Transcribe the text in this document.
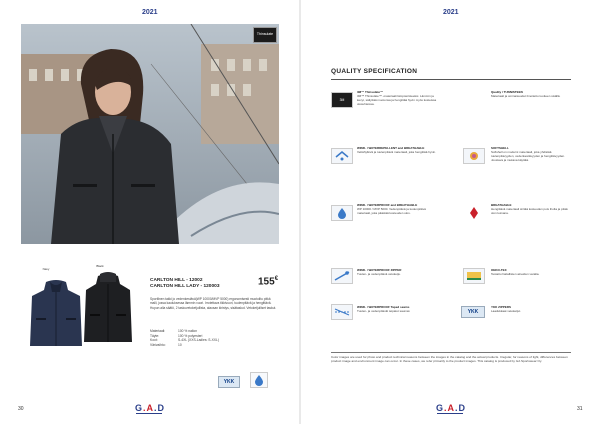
2021
Thinsulate
Navy
Black
CARLTON HILL - 12002
CARLTON HILL LADY - 120003	155€
Sportlinen takki jo vedenkestävä(WP 10000/MVP 5000) ergonomisesti muotoiltu pitkä malli, jossa kauluksessa lämmin vuori. Irrotettava tikkivuori, tuulenpitävä ja hengittävä. Hupun alla säätö, 2 taskuvetoketjullista, alaosan kiristys, sisätaskut. Vetoketjulliset taskut.
Materiaali:	100 % nailon
Täyte:	100 % polyesteri
Koot:	S-4XL (XXS-Ladies: S-XXL)
Värivaihto:	10
YKK
30	G.A.D
2021
QUALITY SPECIFICATION
3M
3M™ Thinsulate™
3M™ Thinsulate™ -materiaali lämpöeristeeksi. Lämmin ja kevyt, säilyttää muotonsa ja hengittää hyvin myös kosteissa olosuhteissa.
Quality / TUNNISTEEN
Materiaali ja ominaisuudet ilmoitettu tuotteen sisällä.
WIND- / WATERREPELLENT and BREATHABLE
Vettähylkivä ja tuulenpitävä materiaali, joka hengittää hyvin.
SOFTSHELL
Softshell on moderni materiaali, joka yhdistää tuulenpitävyyden, vedenkestävyyden ja hengittävyyden. Joustava ja mukava käyttää.
WIND- / WATERPROOF and BREATHABLE
WP 10000 / MVP 5000. Vedenpitävä ja tuulenpitävä materiaali, joka päästää kosteuden ulos.
BREATHABLE
Hengittävä materiaali siirtää kosteuden pois iholta ja pitää olon kuivana.
WIND- / WATERPROOF ZIPPER
Tuulen- ja vedenpitävä vetoketju.
OEKO-TEX
Testattu haitallisten aineiden varalta.
WIND- / WATERPROOF Taped seams
Tuulen- ja vedenpitävät teipatut saumat.	YKK
YKK ZIPPERS
Laadukkaat vetoketjut.
Color images are used for photo and product technical reasons between the images in the catalog and the actual products. Irregular, for reasons of light, differences between product image and environment image can occur. In these cases, we refer primarily to the product images. This catalog is produced by GA Sportswear Oy.
31
G.A.D
